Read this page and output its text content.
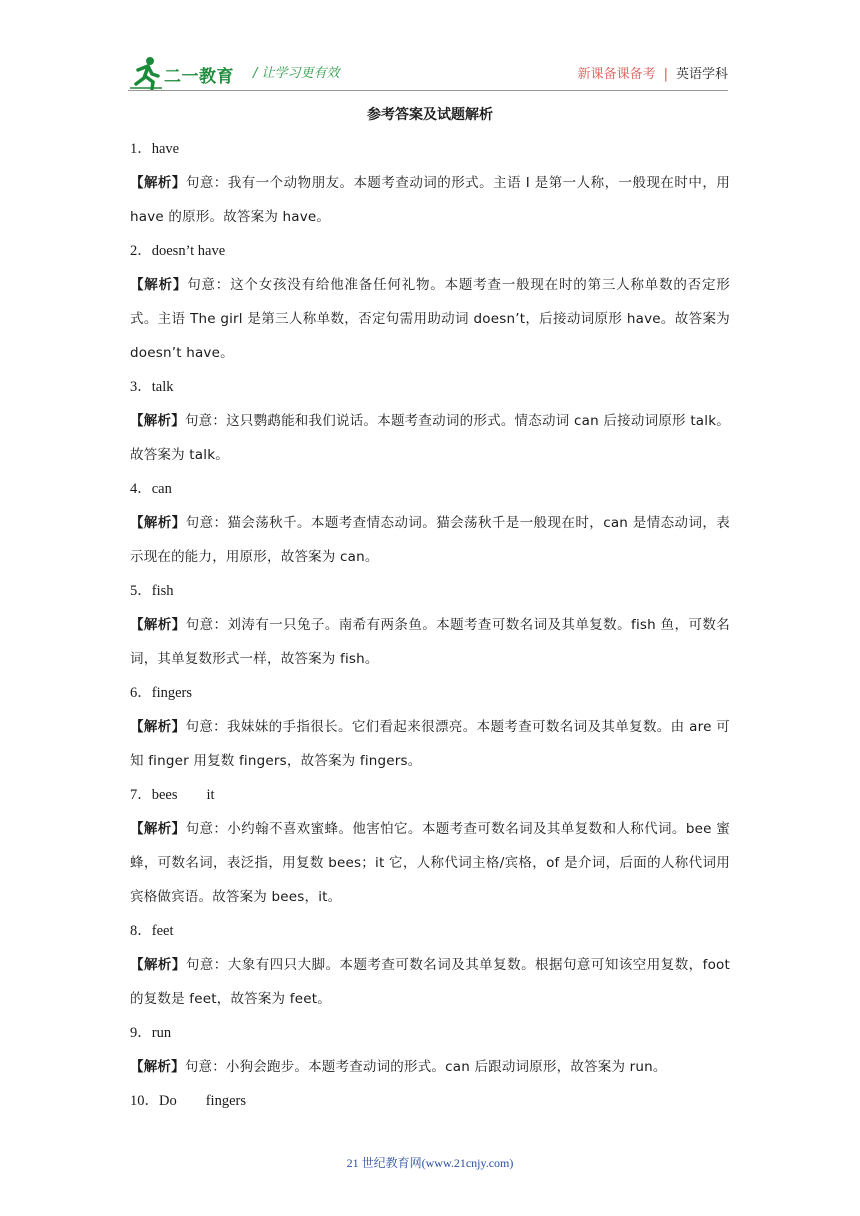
二一教育 / 让学习更有效	新课备课备考 | 英语学科
参考答案及试题解析
1．have
【解析】句意：我有一个动物朋友。本题考查动词的形式。主语 I 是第一人称，一般现在时中，用 have 的原形。故答案为 have。
2．doesn’t have
【解析】句意：这个女孩没有给他准备任何礼物。本题考查一般现在时的第三人称单数的否定形式。主语 The girl 是第三人称单数，否定句需用助动词 doesn’t，后接动词原形 have。故答案为 doesn’t have。
3．talk
【解析】句意：这只鹦鹉能和我们说话。本题考查动词的形式。情态动词 can 后接动词原形 talk。故答案为 talk。
4．can
【解析】句意：猫会荡秋千。本题考查情态动词。猫会荡秋千是一般现在时，can 是情态动词，表示现在的能力，用原形，故答案为 can。
5．fish
【解析】句意：刘涛有一只兔子。南希有两条鱼。本题考查可数名词及其单复数。fish 鱼，可数名词，其单复数形式一样，故答案为 fish。
6．fingers
【解析】句意：我妹妹的手指很长。它们看起来很漂亮。本题考查可数名词及其单复数。由 are 可知 finger 用复数 fingers，故答案为 fingers。
7．bees        it
【解析】句意：小约翰不喜欢蜜蜂。他害怕它。本题考查可数名词及其单复数和人称代词。bee 蜜蜂，可数名词，表泛指，用复数 bees；it 它，人称代词主格/宾格，of 是介词，后面的人称代词用宾格做宾语。故答案为 bees，it。
8．feet
【解析】句意：大象有四只大脚。本题考查可数名词及其单复数。根据句意可知该空用复数，foot 的复数是 feet，故答案为 feet。
9．run
【解析】句意：小狗会跑步。本题考查动词的形式。can 后跟动词原形，故答案为 run。
10．Do        fingers
21 世纪教育网(www.21cnjy.com)
